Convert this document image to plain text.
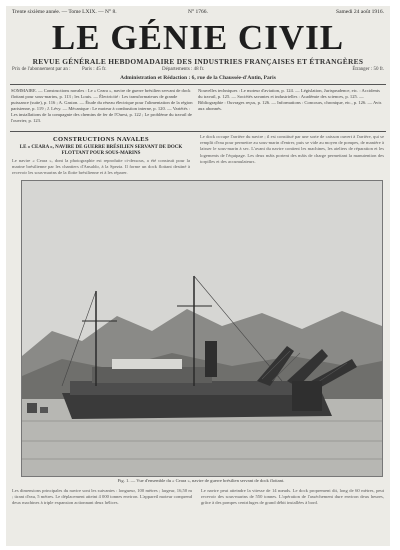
Trente sixième année. — Tome LXIX. — N° 8.	N° 1766.	Samedi 24 août 1916.
LE GÉNIE CIVIL
REVUE GÉNÉRALE HEBDOMADAIRE DES INDUSTRIES FRANÇAISES ET ÉTRANGÈRES
Prix de l'abonnement par an : Paris : 45 fr.	Départements : 48 fr.	Étranger : 50 fr.
Administration et Rédaction : 6, rue de la Chaussée-d'Antin, Paris
SOMMAIRE. — Constructions navales : Le « Ceara », navire de guerre brésilien servant de dock flottant pour sous-marins, p. 113 ; les Louis. — Électricité : Les transformateurs de grande puissance (suite), p. 116 ; A. Gaston. — Étude du réseau électrique pour l'alimentation de la région parisienne, p. 119 ; J. Lévy. — Mécanique : Le moteur à combustion interne, p. 120. — Variétés : Les installations de la compagnie des chemins de fer de l'Ouest, p. 122 ; Le problème du travail de l'ouvrier, p. 123.
Nouvelles techniques : Le moteur d'aviation, p. 124. — Législation, Jurisprudence, etc. : Accidents du travail, p. 125. — Sociétés savantes et industrielles : Académie des sciences, p. 125. — Bibliographie : Ouvrages reçus, p. 126. — Informations : Concours, chronique, etc., p. 126. — Avis aux abonnés.
CONSTRUCTIONS NAVALES
LE « CEARA », NAVIRE DE GUERRE BRÉSILIEN SERVANT DE DOCK FLOTTANT POUR SOUS-MARINS
Le navire « Ceara », dont la photographie est reproduite ci-dessous, a été construit pour la marine brésilienne par les chantiers d'Ansaldo, à la Spezia. Il forme un dock flottant destiné à recevoir les sous-marins de la flotte brésilienne et à les réparer.
Le dock occupe l'arrière du navire ; il est constitué par une sorte de caisson ouvert à l'arrière, qui se remplit d'eau pour permettre au sous-marin d'entrer, puis se vide au moyen de pompes, de manière à laisser le sous-marin à sec. L'avant du navire contient les machines, les ateliers de réparation et les logements de l'équipage. Les deux mâts portent des mâts de charge permettant la manutention des torpilles et des accumulateurs.
Fig. 1. — Vue d'ensemble du « Ceara », navire de guerre brésilien servant de dock flottant.
Les dimensions principales du navire sont les suivantes : longueur, 100 mètres ; largeur, 16,50 m ; tirant d'eau, 5 mètres. Le déplacement atteint 4 000 tonnes environ. L'appareil moteur comprend deux machines à triple expansion actionnant deux hélices.
Le navire peut atteindre la vitesse de 14 nœuds. Le dock proprement dit, long de 60 mètres, peut recevoir des sous-marins de 550 tonnes. L'opération de l'assèchement dure environ deux heures, grâce à des pompes centrifuges de grand débit installées à bord.
